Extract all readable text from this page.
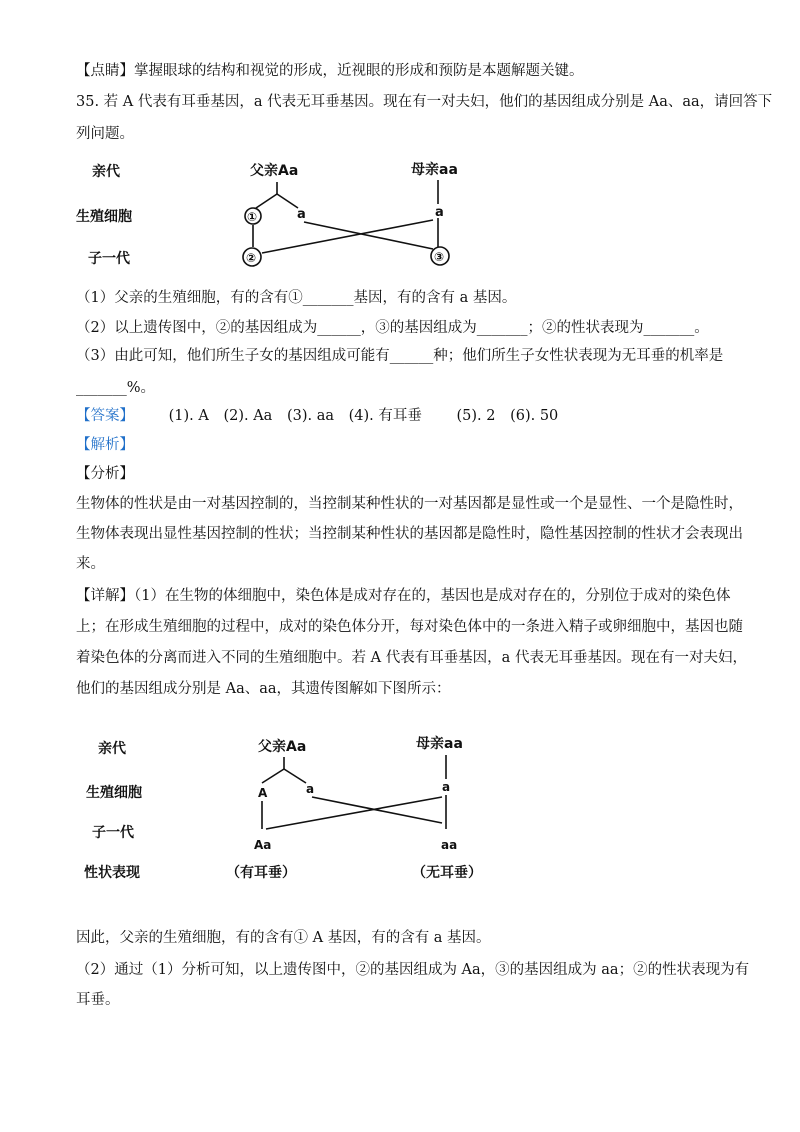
【点睛】掌握眼球的结构和视觉的形成，近视眼的形成和预防是本题解题关键。
35. 若 A 代表有耳垂基因，a 代表无耳垂基因。现在有一对夫妇，他们的基因组成分别是 Aa、aa，请回答下
列问题。
亲代
生殖细胞
子一代
父亲Aa	母亲aa
①	a	a
②	③
（1）父亲的生殖细胞，有的含有①_______基因，有的含有 a 基因。
（2）以上遗传图中，②的基因组成为______，③的基因组成为_______；②的性状表现为_______。
（3）由此可知，他们所生子女的基因组成可能有______种；他们所生子女性状表现为无耳垂的机率是
_______%。
【答案】 (1). A (2). Aa (3). aa (4). 有耳垂 (5). 2 (6). 50
【解析】
【分析】
生物体的性状是由一对基因控制的，当控制某种性状的一对基因都是显性或一个是显性、一个是隐性时，
生物体表现出显性基因控制的性状；当控制某种性状的基因都是隐性时，隐性基因控制的性状才会表现出
来。
【详解】（1）在生物的体细胞中，染色体是成对存在的，基因也是成对存在的，分别位于成对的染色体
上；在形成生殖细胞的过程中，成对的染色体分开，每对染色体中的一条进入精子或卵细胞中，基因也随
着染色体的分离而进入不同的生殖细胞中。若 A 代表有耳垂基因，a 代表无耳垂基因。现在有一对夫妇，
他们的基因组成分别是 Aa、aa，其遗传图解如下图所示：
亲代
生殖细胞
子一代
性状表现
父亲Aa	母亲aa
A	a	a
Aa	aa
（有耳垂）	（无耳垂）
因此，父亲的生殖细胞，有的含有① A 基因，有的含有 a 基因。
（2）通过（1）分析可知，以上遗传图中，②的基因组成为 Aa，③的基因组成为 aa；②的性状表现为有
耳垂。
